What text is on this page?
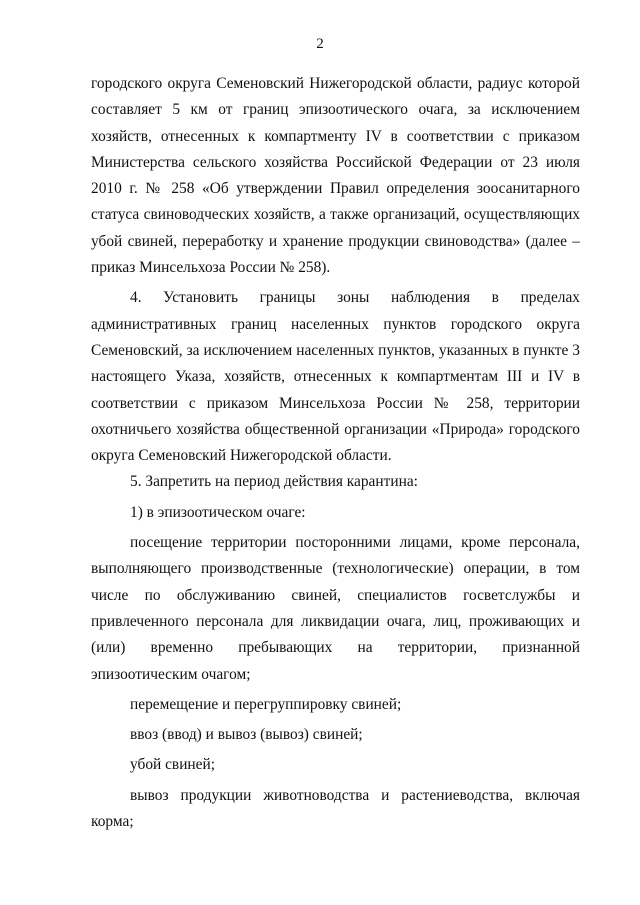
2

городского округа Семеновский Нижегородской области, радиус которой составляет 5 км от границ эпизоотического очага, за исключением хозяйств, отнесенных к компартменту IV в соответствии с приказом Министерства сельского хозяйства Российской Федерации от 23 июля 2010 г. № 258 «Об утверждении Правил определения зоосанитарного статуса свиноводческих хозяйств, а также организаций, осуществляющих убой свиней, переработку и хранение продукции свиноводства» (далее – приказ Минсельхоза России № 258).

4. Установить границы зоны наблюдения в пределах административных границ населенных пунктов городского округа Семеновский, за исключением населенных пунктов, указанных в пункте 3 настоящего Указа, хозяйств, отнесенных к компартментам III и IV в соответствии с приказом Минсельхоза России № 258, территории охотничьего хозяйства общественной организации «Природа» городского округа Семеновский Нижегородской области.

5. Запретить на период действия карантина:

1) в эпизоотическом очаге:

посещение территории посторонними лицами, кроме персонала, выполняющего производственные (технологические) операции, в том числе по обслуживанию свиней, специалистов госветслужбы и привлеченного персонала для ликвидации очага, лиц, проживающих и (или) временно пребывающих на территории, признанной эпизоотическим очагом;

перемещение и перегруппировку свиней;

ввоз (ввод) и вывоз (вывоз) свиней;

убой свиней;

вывоз продукции животноводства и растениеводства, включая корма;
